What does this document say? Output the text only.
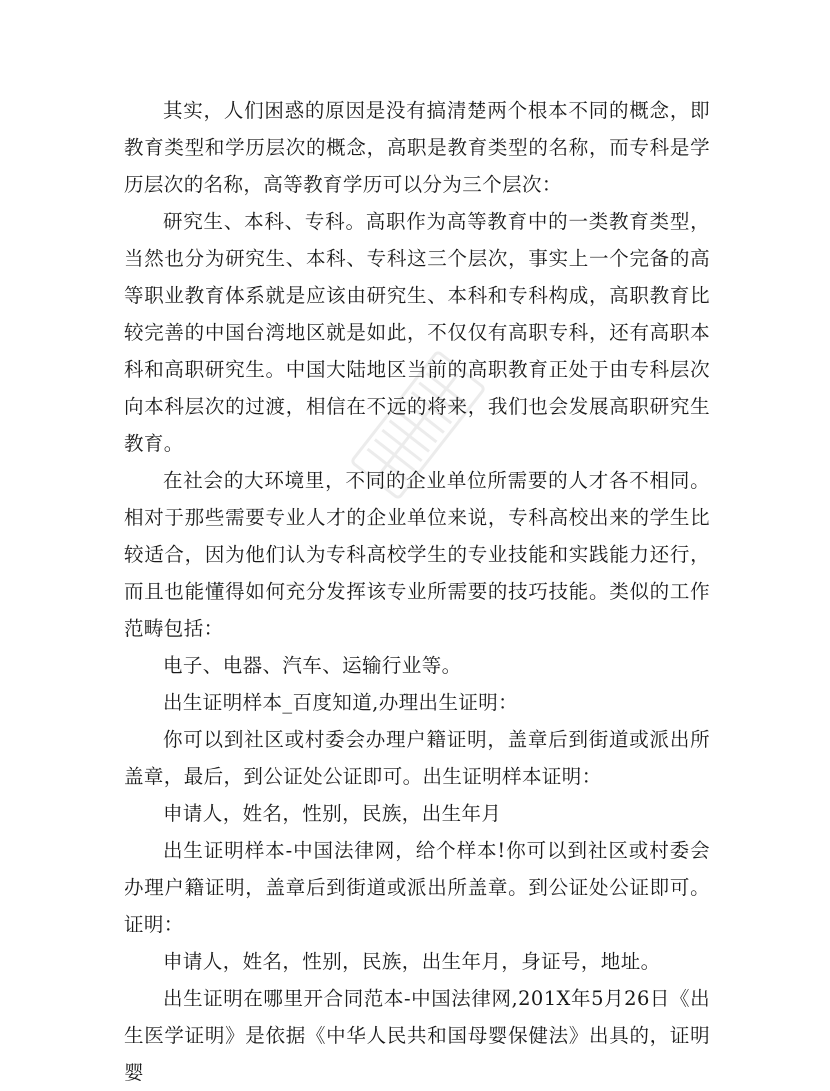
其实，人们困惑的原因是没有搞清楚两个根本不同的概念，即教育类型和学历层次的概念，高职是教育类型的名称，而专科是学历层次的名称，高等教育学历可以分为三个层次：

研究生、本科、专科。高职作为高等教育中的一类教育类型，当然也分为研究生、本科、专科这三个层次，事实上一个完备的高等职业教育体系就是应该由研究生、本科和专科构成，高职教育比较完善的中国台湾地区就是如此，不仅仅有高职专科，还有高职本科和高职研究生。中国大陆地区当前的高职教育正处于由专科层次向本科层次的过渡，相信在不远的将来，我们也会发展高职研究生教育。

在社会的大环境里，不同的企业单位所需要的人才各不相同。相对于那些需要专业人才的企业单位来说，专科高校出来的学生比较适合，因为他们认为专科高校学生的专业技能和实践能力还行，而且也能懂得如何充分发挥该专业所需要的技巧技能。类似的工作范畴包括：

电子、电器、汽车、运输行业等。

出生证明样本_百度知道,办理出生证明：

你可以到社区或村委会办理户籍证明，盖章后到街道或派出所盖章，最后，到公证处公证即可。出生证明样本证明：

申请人，姓名，性别，民族，出生年月

出生证明样本-中国法律网，给个样本!你可以到社区或村委会办理户籍证明，盖章后到街道或派出所盖章。到公证处公证即可。证明：

申请人，姓名，性别，民族，出生年月，身证号，地址。

出生证明在哪里开合同范本-中国法律网,201X年5月26日《出生医学证明》是依据《中华人民共和国母婴保健法》出具的，证明婴
